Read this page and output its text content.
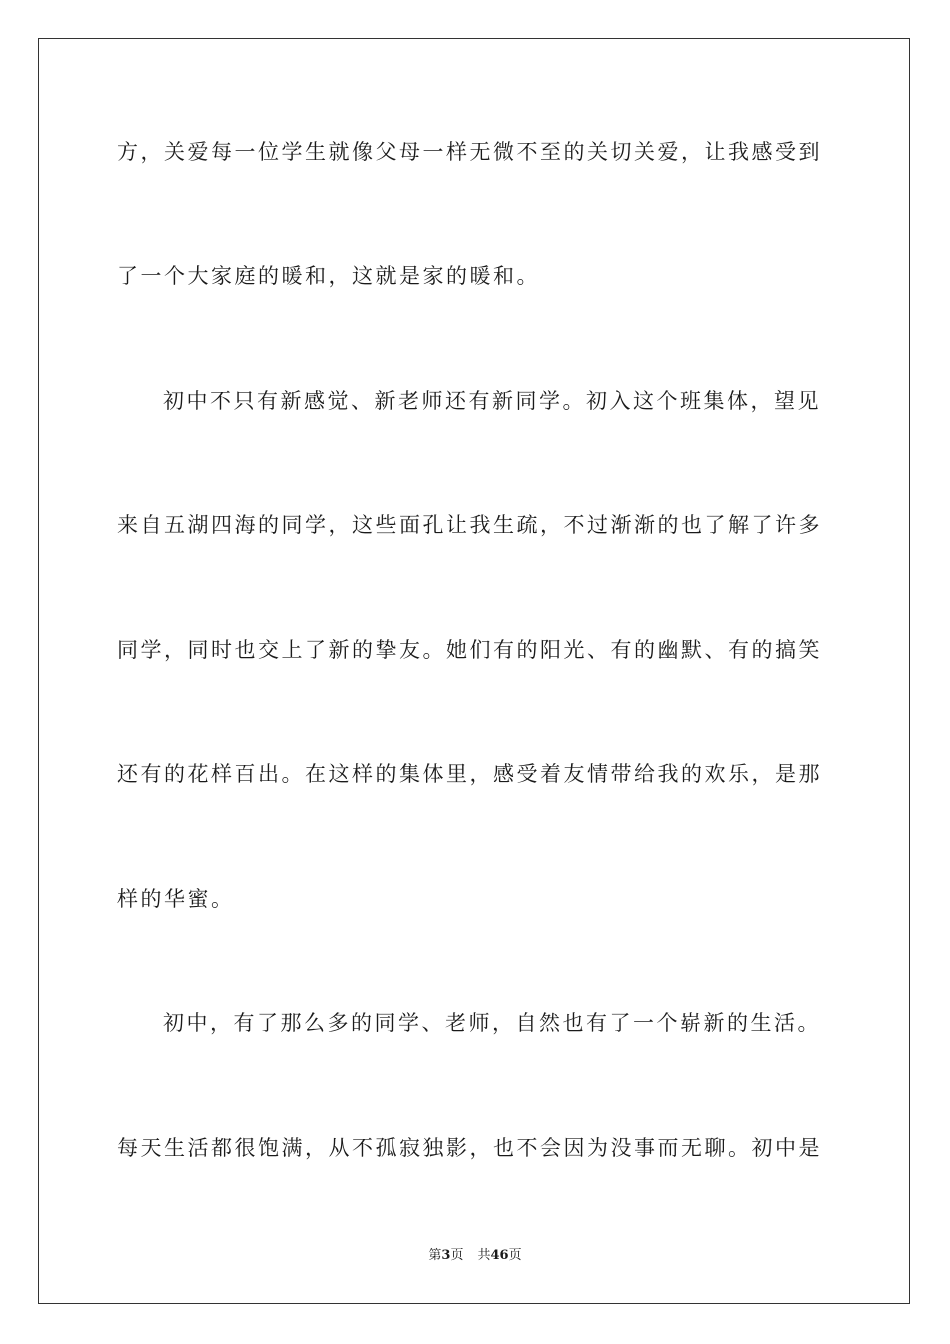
方，关爱每一位学生就像父母一样无微不至的关切关爱，让我感受到
了一个大家庭的暖和，这就是家的暖和。
初中不只有新感觉、新老师还有新同学。初入这个班集体，望见
来自五湖四海的同学，这些面孔让我生疏，不过渐渐的也了解了许多
同学，同时也交上了新的挚友。她们有的阳光、有的幽默、有的搞笑
还有的花样百出。在这样的集体里，感受着友情带给我的欢乐，是那
样的华蜜。
初中，有了那么多的同学、老师，自然也有了一个崭新的生活。
每天生活都很饱满，从不孤寂独影，也不会因为没事而无聊。初中是
第3页 共46页
